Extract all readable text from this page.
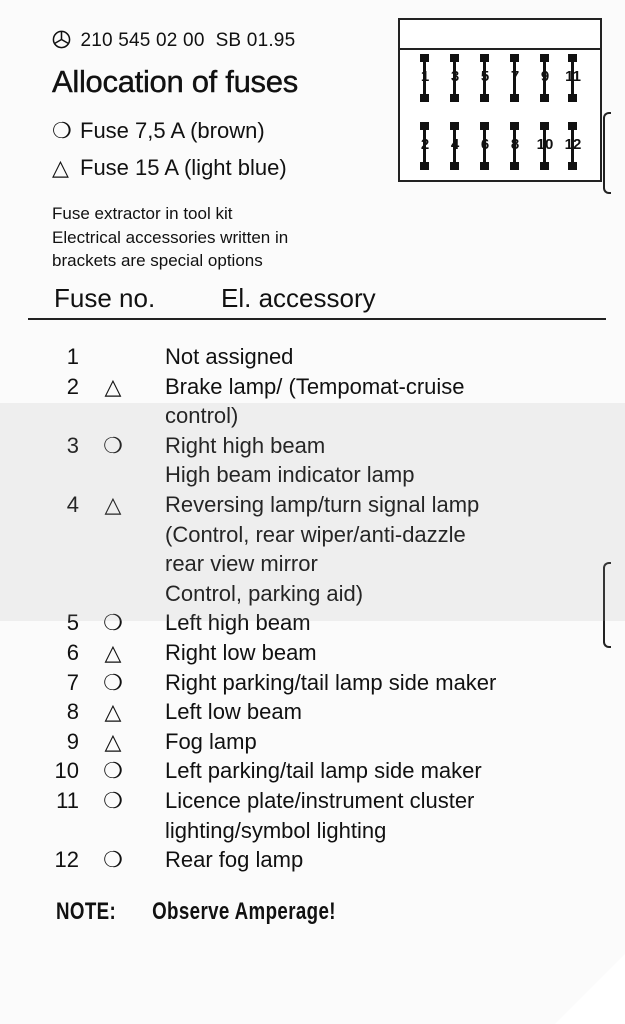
210 545 02 00 SB 01.95
Allocation of fuses
❍ Fuse 7,5 A (brown)
△ Fuse 15 A (light blue)
Fuse extractor in tool kit
Electrical accessories written in
brackets are special options
1	3	5	7	9	11
2	4	6	8	10 12
Fuse no.	El. accessory
1	Not assigned
2 △ Brake lamp/ (Tempomat-cruise
control)
3 ❍ Right high beam
High beam indicator lamp
4 △ Reversing lamp/turn signal lamp
(Control, rear wiper/anti-dazzle
rear view mirror
Control, parking aid)
5 ❍ Left high beam
6 △ Right low beam
7 ❍ Right parking/tail lamp side maker
8 △ Left low beam
9 △ Fog lamp
10 ❍ Left parking/tail lamp side maker
11 ❍ Licence plate/instrument cluster
lighting/symbol lighting
12 ❍ Rear fog lamp
NOTE: Observe Amperage!
